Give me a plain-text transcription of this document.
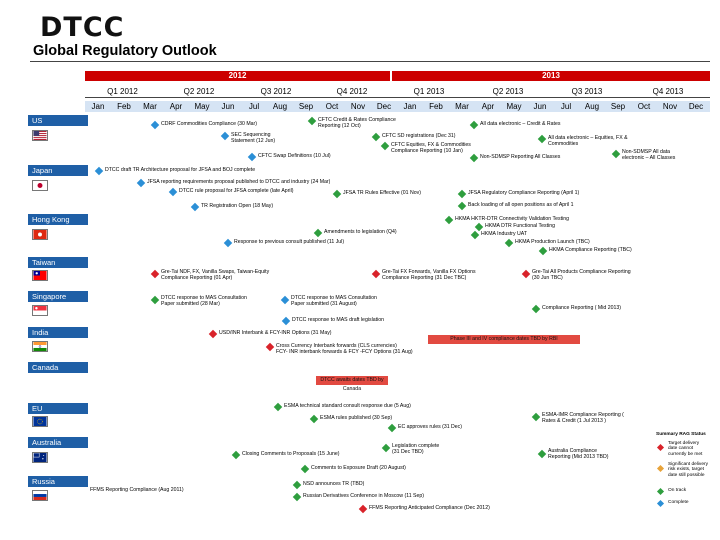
DTCC
Global Regulatory Outlook
2012	2013
Q1 2012	Q2 2012	Q3 2012	Q4 2012	Q1 2013	Q2 2013	Q3 2013	Q4 2013
Jan	Feb	Mar	Apr	May	Jun	Jul	Aug	Sep	Oct	Nov	Dec	Jan	Feb	Mar	Apr	May	Jun	Jul	Aug	Sep	Oct	Nov	Dec
US	CDRF Commodities Compliance (30 Mar)
CFTC Credit & Rates Compliance
Reporting (12 Oct)	All data electronic – Credit & Rates
SEC Sequencing
Statement (12 Jun)
CFTC SD registrations (Dec 31)
CFTC Equities, FX & Commodities
Compliance Reporting (10 Jan)
All data electronic – Equities, FX &
Commodities
Non-SDMSP All data
electronic – All Classes
CFTC Swap Definitions (10 Jul)	Non-SDMSP Reporting All Classes
Japan	DTCC draft TR Architecture proposal for JFSA and BOJ complete
JFSA reporting requirements proposal published to DTCC and industry (24 Mar)
DTCC rule proposal for JFSA complete (late April)	JFSA TR Rules Effective (01 Nov)	JFSA Regulatory Compliance Reporting (April 1)
TR Registration Open (18 May)	Back loading of all open positions as of April 1
Hong Kong	HKMA HKTR-DTR Connectivity Validation Testing
HKMA DTR Functional Testing
Amendments to legislation (Q4)	HKMA Industry UAT
Response to previous consult published (11 Jul)	HKMA Production Launch (TBC)
HKMA Compliance Reporting (TBC)
Taiwan
Gre-Tai NDF, FX, Vanilla Swaps, Taiwan-Equity
Compliance Reporting (01 Apr)
Gre-Tai FX Forwards, Vanilla FX Options
Compliance Reporting (31 Dec TBC)
Gre-Tai All Products Compliance Reporting
(30 Jun TBC)
Singapore	DTCC response to MAS Consultation
Paper submitted (28 Mar)
DTCC response to MAS Consultation
Paper submitted (31 August)
Compliance Reporting ( Mid 2013)
DTCC response to MAS draft legislation
India	USD/INR Interbank & FCY-INR Options (31 May)
Phase III and IV compliance dates TBD by RBI
Cross Currency Interbank forwards (CLS currencies)
FCY- INR interbank forwards & FCY -FCY Options (31 Aug)
Canada
DTCC awaits dates TBD by Canada
EU	ESMA technical standard consult response due (5 Aug)
ESMA rules published (30 Sep)
EC approves rules (31 Dec)
ESMA-IMR Compliance Reporting (
Rates & Credit (1 Jul 2013 )
Australia
Closing Comments to Proposals (15 June)
Legislation complete
(31 Dec TBD)	Australia Compliance
Reporting (Mid 2013 TBD)
Comments to Exposure Draft (20 August)
Russia
FFMS Reporting Compliance (Aug 2011)
NSD announces TR (TBD)
Russian Derivatives Conference in Moscow (11 Sep)
FFMS Reporting Anticipated Compliance (Dec 2012)
Summary RAG Status
Target delivery
date cannot
currently be met
Significant delivery
risk exists, target
date still possible
On track
Complete
